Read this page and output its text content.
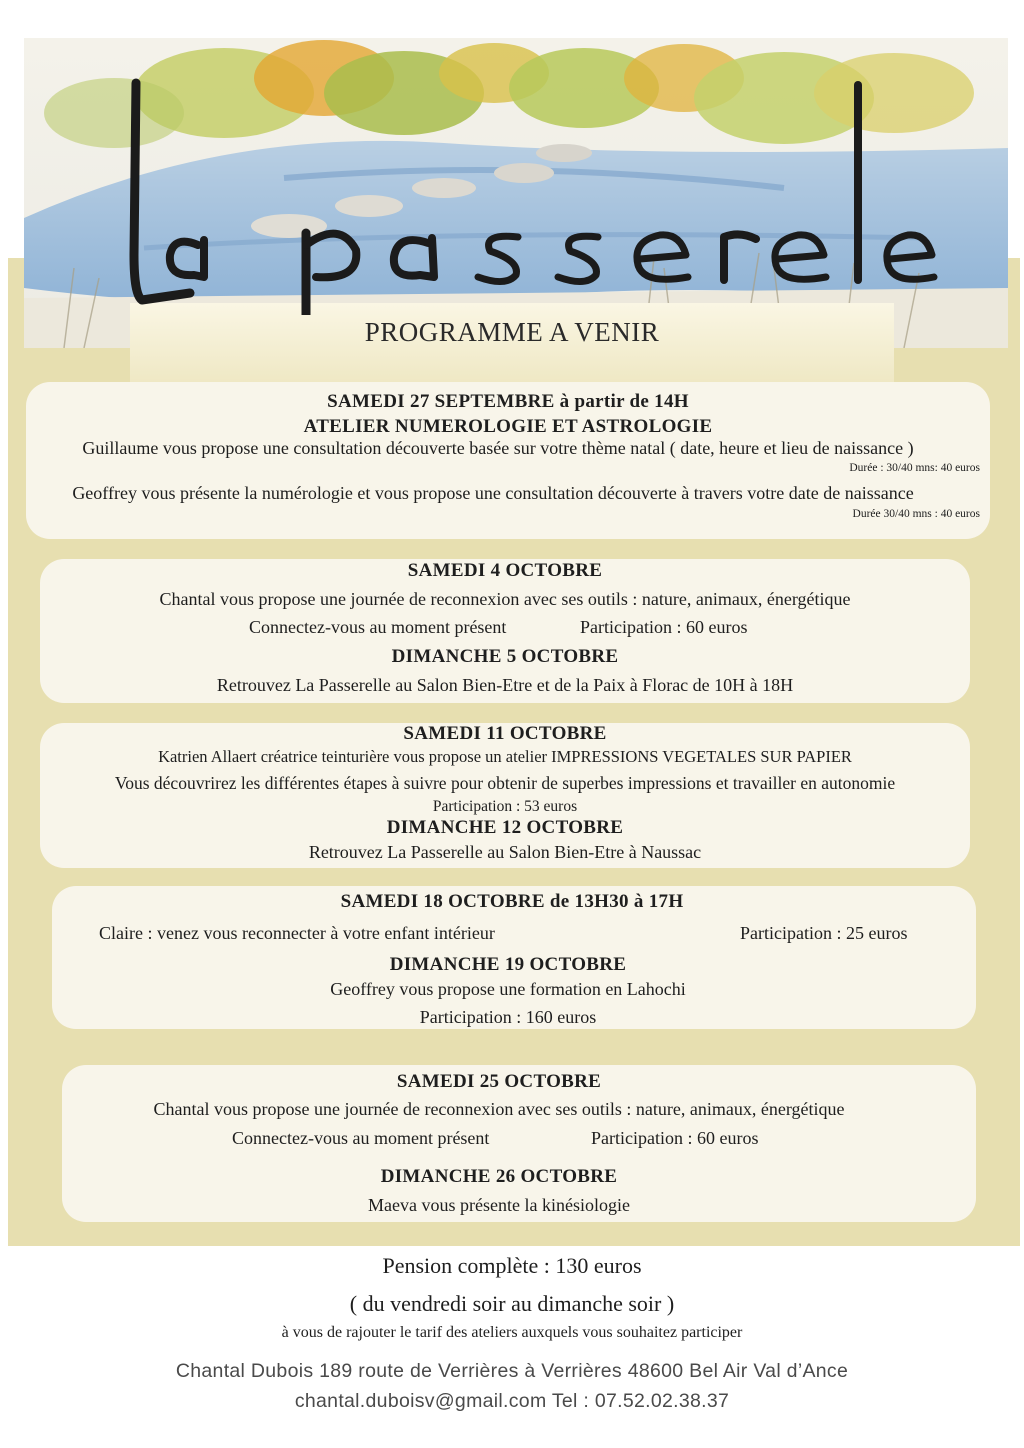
PROGRAMME A VENIR
SAMEDI 27 SEPTEMBRE à partir de 14H
ATELIER NUMEROLOGIE ET ASTROLOGIE
Guillaume vous propose une consultation découverte basée sur votre thème natal ( date, heure et lieu de naissance )
Durée : 30/40 mns: 40 euros
Geoffrey vous présente la numérologie et vous propose une consultation découverte à travers votre date de naissance
Durée 30/40 mns : 40 euros
SAMEDI 4 OCTOBRE
Chantal vous propose une journée de reconnexion avec ses outils : nature, animaux, énergétique
Connectez-vous au moment présent	Participation : 60 euros
DIMANCHE 5 OCTOBRE
Retrouvez La Passerelle au Salon Bien-Etre et de la Paix à Florac de 10H à 18H
SAMEDI 11 OCTOBRE
Katrien Allaert créatrice teinturière vous propose un atelier IMPRESSIONS VEGETALES SUR PAPIER
Vous découvrirez les différentes étapes à suivre pour obtenir de superbes impressions et travailler en autonomie
Participation : 53 euros
DIMANCHE 12 OCTOBRE
Retrouvez La Passerelle au Salon Bien-Etre à Naussac
SAMEDI 18 OCTOBRE de 13H30 à 17H
Claire : venez vous reconnecter à votre enfant intérieur	Participation : 25 euros
DIMANCHE 19 OCTOBRE
Geoffrey vous propose une formation en Lahochi
Participation : 160 euros
SAMEDI 25 OCTOBRE
Chantal vous propose une journée de reconnexion avec ses outils : nature, animaux, énergétique
Connectez-vous au moment présent	Participation : 60 euros
DIMANCHE 26 OCTOBRE
Maeva vous présente la kinésiologie
Pension complète : 130 euros
( du vendredi soir au dimanche soir )
à vous de rajouter le tarif des ateliers auxquels vous souhaitez participer
Chantal Dubois 189 route de Verrières à Verrières 48600 Bel Air Val d’Ance
chantal.duboisv@gmail.com Tel : 07.52.02.38.37
